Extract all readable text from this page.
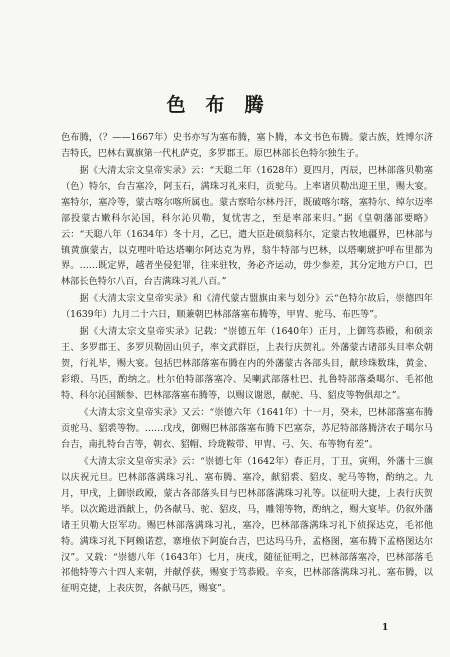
色布腾

色布腾，（？——1667年）史书亦写为塞布腾，塞卜腾，本文书色布腾。蒙古族，姓博尔济吉特氏，巴林右翼旗第一代札萨克，多罗郡王。原巴林部长色特尔独生子。

据《大清太宗文皇帝实录》云：“天聪二年（1628年）夏四月，丙辰，巴林部落贝勒塞（色）特尔，台吉塞冷，阿玉石，满珠习礼来归，贡驼马。上率诸贝勒出迎王里，赐大宴。塞特尔，塞冷等，蒙古喀尔喀所属也。蒙古察哈尔林丹汗，既破喀尔喀，塞特尔、绰尔迈率部投蒙古嫩科尔沁国，科尔沁贝勒，复忧害之，至是率部来归。”据《皇朝藩部要略》云：“天聪八年（1634年）冬十月，乙巳，遣大臣赴硕翁科尔，定蒙古牧地疆界，巴林部与镇黄旗蒙古，以克哩叶哈达塔喇尔阿达克为界，翁牛特部与巴林，以塔喇琥护呼布里都为界。……既定界，越者坐侵犯罪，往来驻牧，务必齐运动，毋少参差，其分定地方户口，巴林部长色特尔八百，台吉满珠习礼八百。”

据《大清太宗文皇帝实录》和《清代蒙古盟旗由来与划分》云“色特尔故后，崇德四年（1639年）九月二十六日，顺兼朝巴林部落塞布腾等，甲胄、驼马、布匹等”。

据《大清太宗文皇帝实录》记载：“崇德五年（1640年）正月，上御笃恭殿，和硕亲王、多罗郡王、多罗贝勒固山贝子，率文武群臣，上表行庆贺礼。外藩蒙古诸部头目率众朝贺，行礼毕，赐大宴。包括巴林部落塞布腾在内的外藩蒙古各部头目，献珍珠数珠，黄金、彩缎、马匹，酌纳之。杜尔伯特部落塞冷、吴喇武部落杜巴、扎鲁特部落桑噶尔、毛祁他特、科尔沁国额参、巴林部落塞布腾等，以赐议谢恩，献驼、马、貂皮等物俱却之”。

《大清太宗文皇帝实录》又云：“崇德六年（1641年）十一月，癸未，巴林部落塞布腾贡驼马、貂裘等物。……戊戌，御赐巴林部落塞布腾下巴塞奈，苏尼特部落腾济农子噶尔马台吉，南扎特台吉等，朝衣、貂帽、玲珑鞍带、甲胄、弓、矢、布等物有差”。

《大清太宗文皇帝实录》云：“崇德七年（1642年）春正月，丁丑，寅朔，外藩十三旗以庆祝元旦。巴林部落满珠习礼、塞布腾、塞冷，献貂裘、貂皮、驼马等物，酌纳之。九月，甲戌，上御崇政殿，蒙古各部落头目与巴林部落满珠习礼等。以征明大捷，上表行庆贺毕。以次跪进酒献上，仍各献马、驼、貂皮，马，雕翎等物，酌纳之，赐大宴毕。仍叙外藩诸王贝勒大臣军功。赐巴林部落满珠习礼，塞冷，巴林部落满珠习礼下侦探达克，毛祁他特。满珠习礼下阿赖诺惹，寨堆依下阿旋台吉，巴达玛马升，孟格图，塞布腾下孟格图达尔汉”。又载：“崇德八年（1643年）七月，庚戌，随征征明之，巴林部落塞冷，巴林部落毛祁他特等六十四人来朝，并献俘获，赐宴于笃恭殿。辛亥，巴林部落满珠习礼、塞布腾，以征明克捷，上表庆贺，各献马匹，赐宴”。

1
